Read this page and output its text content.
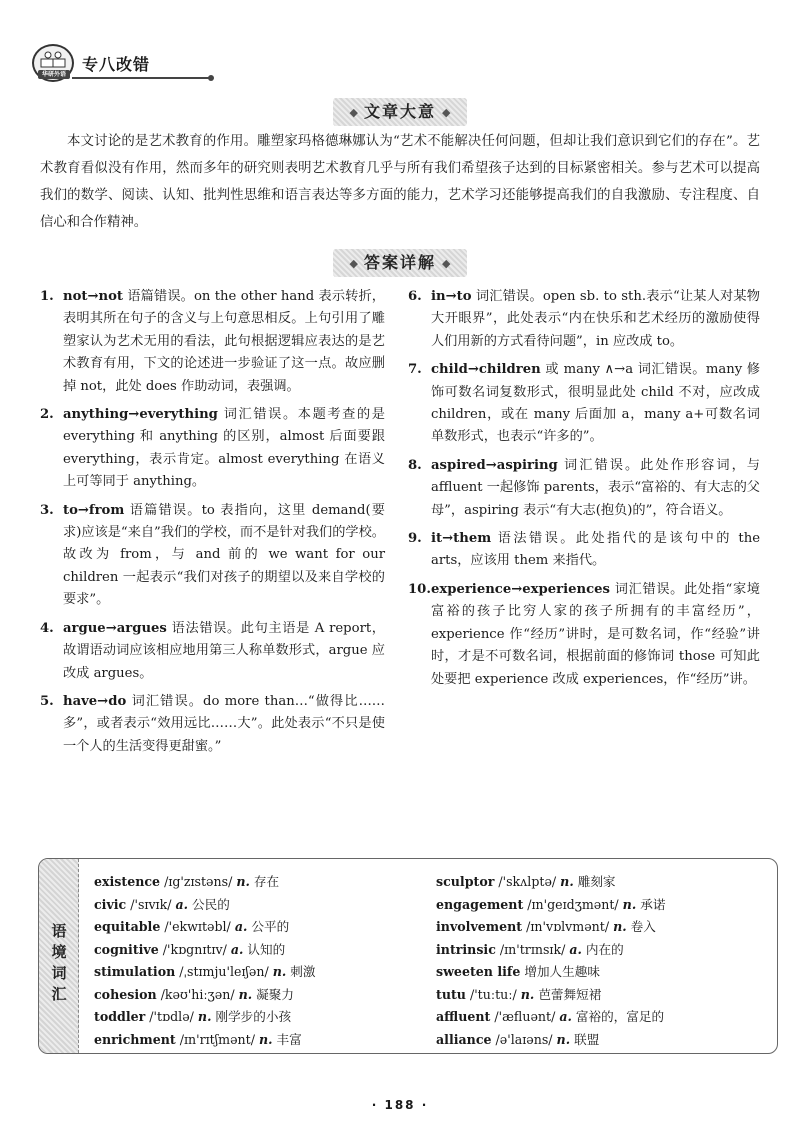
华研外语
专八改错
◆ 文章大意 ◆
本文讨论的是艺术教育的作用。雕塑家玛格德琳娜认为“艺术不能解决任何问题，但却让我们意识到它们的存在”。艺术教育看似没有作用，然而多年的研究则表明艺术教育几乎与所有我们希望孩子达到的目标紧密相关。参与艺术可以提高我们的数学、阅读、认知、批判性思维和语言表达等多方面的能力，艺术学习还能够提高我们的自我激励、专注程度、自信心和合作精神。
◆ 答案详解 ◆
1. not→not 语篇错误。on the other hand 表示转折，表明其所在句子的含义与上句意思相反。上句引用了雕塑家认为艺术无用的看法，此句根据逻辑应表达的是艺术教育有用，下文的论述进一步验证了这一点。故应删掉 not，此处 does 作助动词，表强调。
2. anything→everything 词汇错误。本题考查的是 everything 和 anything 的区别，almost 后面要跟 everything，表示肯定。almost everything 在语义上可等同于 anything。
3. to→from 语篇错误。to 表指向，这里 demand(要求)应该是“来自”我们的学校，而不是针对我们的学校。故改为 from，与 and 前的 we want for our children 一起表示“我们对孩子的期望以及来自学校的要求”。
4. argue→argues 语法错误。此句主语是 A report，故谓语动词应该相应地用第三人称单数形式，argue 应改成 argues。
5. have→do 词汇错误。do more than…“做得比……多”，或者表示“效用远比……大”。此处表示“不只是使一个人的生活变得更甜蜜。”
6. in→to 词汇错误。open sb. to sth.表示“让某人对某物大开眼界”，此处表示“内在快乐和艺术经历的激励使得人们用新的方式看待问题”，in 应改成 to。
7. child→children 或 many ∧→a 词汇错误。many 修饰可数名词复数形式，很明显此处 child 不对，应改成 children，或在 many 后面加 a，many a+可数名词单数形式，也表示“许多的”。
8. aspired→aspiring 词汇错误。此处作形容词，与 affluent 一起修饰 parents，表示“富裕的、有大志的父母”，aspiring 表示“有大志(抱负)的”，符合语义。
9. it→them 语法错误。此处指代的是该句中的 the arts，应该用 them 来指代。
10. experience→experiences 词汇错误。此处指“家境富裕的孩子比穷人家的孩子所拥有的丰富经历”，experience 作“经历”讲时，是可数名词，作“经验”讲时，才是不可数名词，根据前面的修饰词 those 可知此处要把 experience 改成 experiences，作“经历”讲。
语境词汇
existence /ɪg'zɪstəns/ n. 存在
civic /'sɪvɪk/ a. 公民的
equitable /'ekwɪtəbl/ a. 公平的
cognitive /'kɒgnɪtɪv/ a. 认知的
stimulation /ˌstɪmju'leɪʃən/ n. 刺激
cohesion /kəʊ'hiːʒən/ n. 凝聚力
toddler /'tɒdlə/ n. 刚学步的小孩
enrichment /ɪn'rɪtʃmənt/ n. 丰富
sculptor /'skʌlptə/ n. 雕刻家
engagement /ɪn'geɪdʒmənt/ n. 承诺
involvement /ɪn'vɒlvmənt/ n. 卷入
intrinsic /ɪn'trɪnsɪk/ a. 内在的
sweeten life 增加人生趣味
tutu /'tuːtuː/ n. 芭蕾舞短裙
affluent /'æfluənt/ a. 富裕的，富足的
alliance /ə'laɪəns/ n. 联盟
· 188 ·
